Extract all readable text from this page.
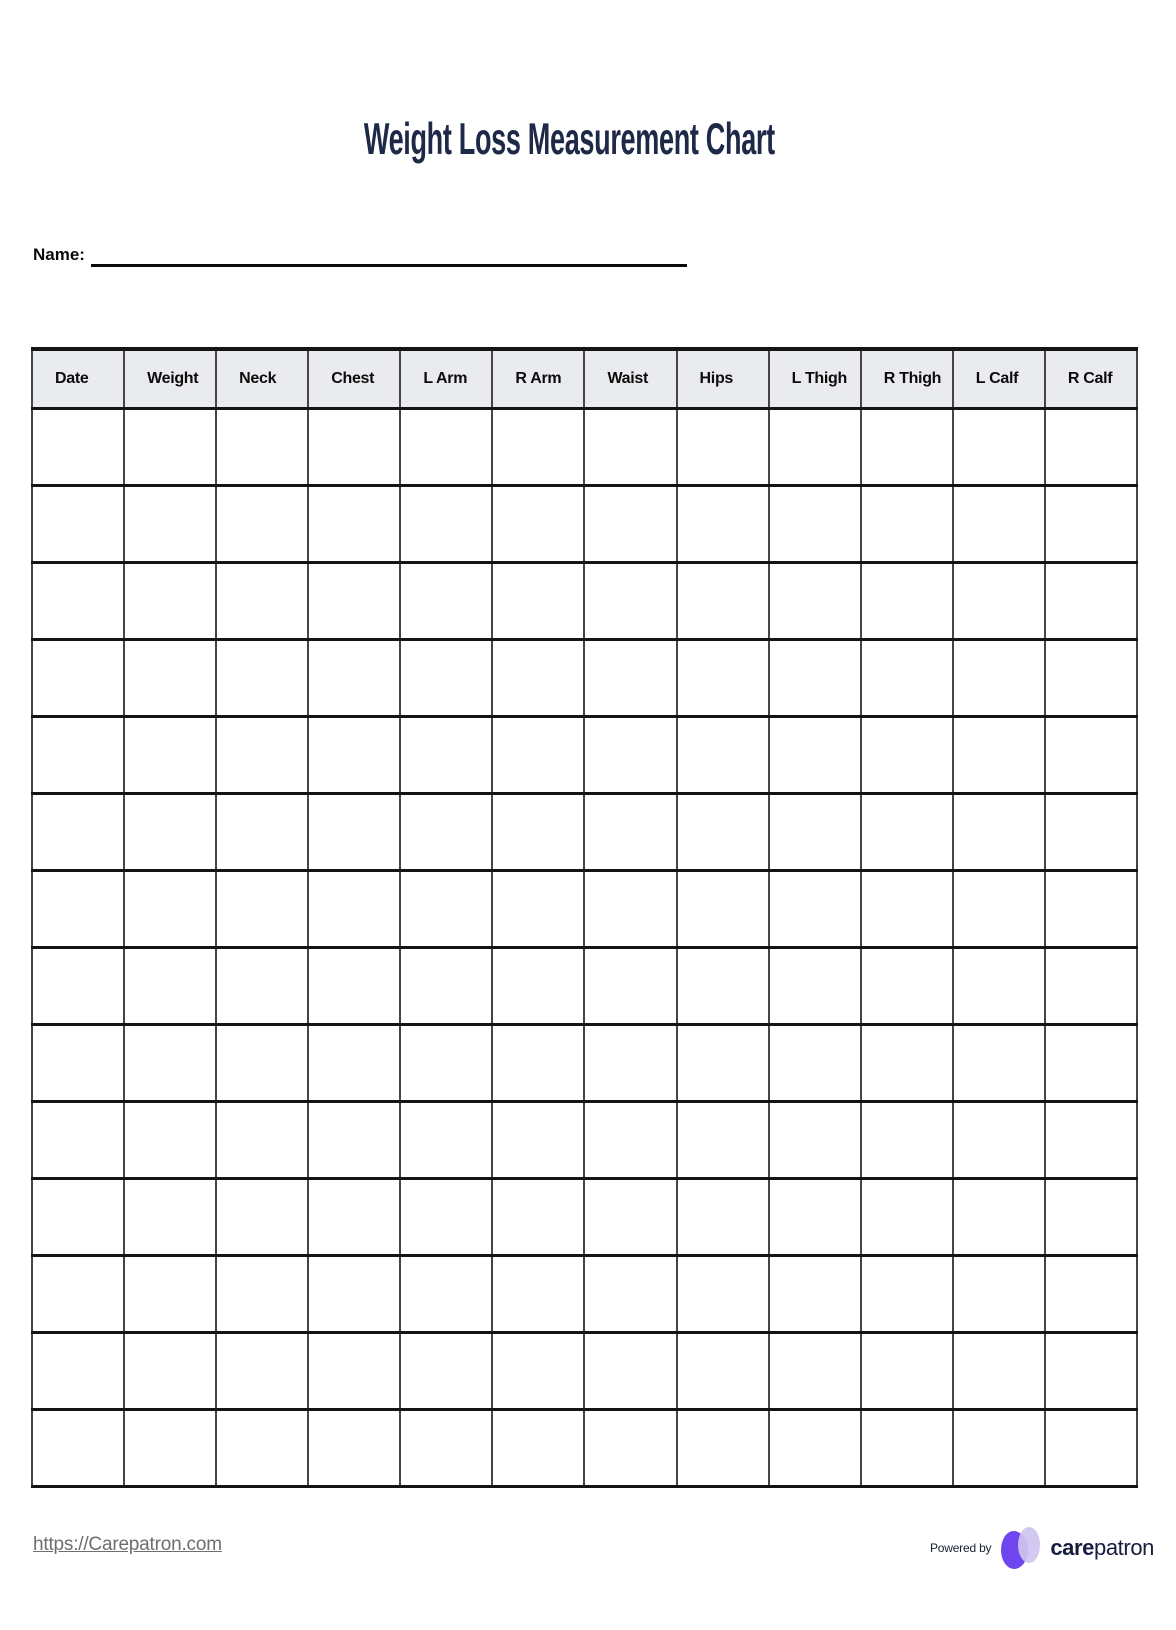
Weight Loss Measurement Chart
Name:
Date	Weight	Neck	Chest	L Arm	R Arm	Waist	Hips	L Thigh	R Thigh	L Calf	R Calf

https://Carepatron.com	Powered by	carepatron
